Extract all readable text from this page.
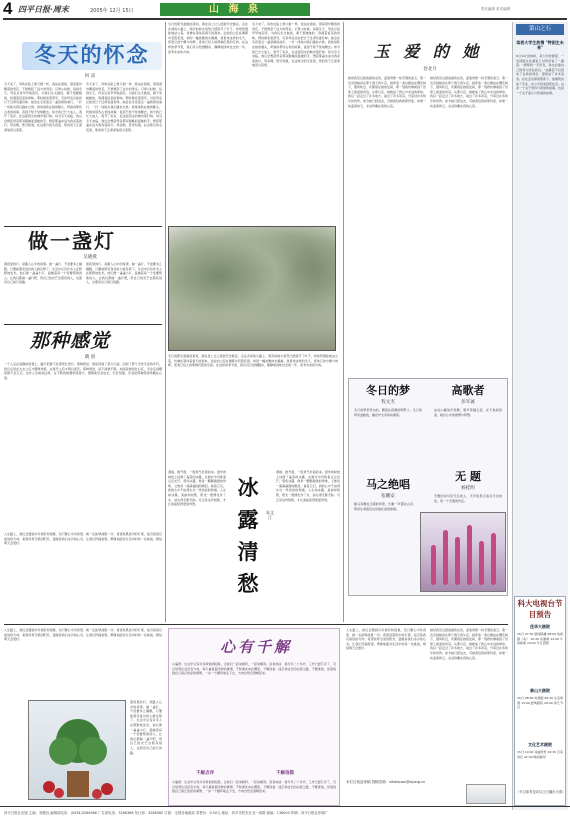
4 四平日报·周末	2005年 12月 15日	山 海 泉	责任编辑 美术编辑
冬天的怀念
何 凉
冬天来了，风吹在脸上像刀割一样，我站在窗前，望着窗外飘落的雪花，不禁想起了远方的母亲。记得小时候，每到冬天，母亲总是早早地起床，为我们生火做饭，屋子里暖暖的，弥漫着饭菜的香味。那时候家里很穷，可是母亲总能把日子过得有滋有味。她会在冬夜里点一盏昏黄的油灯，一针一线地为我们缝补衣裳。我常常趴在她的膝头，听她讲那些古老的故事，直到不知不觉地睡去。如今我已长大成人，离开了家乡，在这座陌生的城市里打拼。每当冬天来临，我总会想起母亲那双粗糙而温暖的手，想起那盏永远为我亮着的灯。母亲啊，您可知道，在这寒冷的冬夜里，您的孩子正深深地思念着您。
冬天来了，风吹在脸上像刀割一样，我站在窗前，望着窗外飘落的雪花，不禁想起了远方的母亲。记得小时候，每到冬天，母亲总是早早地起床，为我们生火做饭，屋子里暖暖的，弥漫着饭菜的香味。那时候家里很穷，可是母亲总能把日子过得有滋有味。她会在冬夜里点一盏昏黄的油灯，一针一线地为我们缝补衣裳。我常常趴在她的膝头，听她讲那些古老的故事，直到不知不觉地睡去。如今我已长大成人，离开了家乡，在这座陌生的城市里打拼。每当冬天来临，我总会想起母亲那双粗糙而温暖的手，想起那盏永远为我亮着的灯。母亲啊，您可知道，在这寒冷的冬夜里，您的孩子正深深地思念着您。
冬日的阳光温暖而柔和，洒在身上让人感到无比惬意。走在乡间的小路上，两旁的树木虽然已经落尽了叶子，却依然挺拔地站立着，仿佛在等待着春天的到来。远处的山峦在薄雾中若隐若现，如同一幅淡雅的水墨画。我喜欢这样的冬天，喜欢它的宁静与纯粹，喜欢它给人的那种沉思的空间。在这样的季节里，我们可以放慢脚步，静静地回味过去的一年，思考未来的方向。
冬天来了，风吹在脸上像刀割一样，我站在窗前，望着窗外飘落的雪花，不禁想起了远方的母亲。记得小时候，每到冬天，母亲总是早早地起床，为我们生火做饭，屋子里暖暖的，弥漫着饭菜的香味。那时候家里很穷，可是母亲总能把日子过得有滋有味。她会在冬夜里点一盏昏黄的油灯，一针一线地为我们缝补衣裳。我常常趴在她的膝头，听她讲那些古老的故事，直到不知不觉地睡去。如今我已长大成人，离开了家乡，在这座陌生的城市里打拼。每当冬天来临，我总会想起母亲那双粗糙而温暖的手，想起那盏永远为我亮着的灯。母亲啊，您可知道，在这寒冷的冬夜里，您的孩子正深深地思念着您。
做一盏灯
吴晓燕
黑夜里的灯，是路人心中的希望。做一盏灯，不需要多么耀眼，只要能照亮身边的人就足够了。生活中总有许多人在默默地发光，他们像一盏盏小灯，温暖着每一个需要帮助的人。让我们都做一盏灯吧，用自己的光芒去照亮别人，也照亮自己前行的路。
黑夜里的灯，是路人心中的希望。做一盏灯，不需要多么耀眼，只要能照亮身边的人就足够了。生活中总有许多人在默默地发光，他们像一盏盏小灯，温暖着每一个需要帮助的人。让我们都做一盏灯吧，用自己的光芒去照亮别人，也照亮自己前行的路。
那种感觉
晓 晨
一个人走在寂静的街道上，路灯把影子拉得很长很长。那种感觉，像是回到了很久以前，回到了那个无忧无虑的年代。我们总是在失去之后才懂得珍惜，在离开之后才明白留恋。那种感觉，说不清道不明，却深深地刻在心底，无论走到哪里都不会忘记。也许人生就是这样，在不断的相遇和别离中，慢慢地学会成长，学会坚强，学会把那种感觉珍藏在心里。
人生路上，我们会遇到许多挫折和困难，但只要心中有希望，就一定能够战胜一切。希望是黑夜中的灯塔，指引着我们前进的方向；希望是寒冬里的阳光，温暖着我们冰冷的心灵。让我们怀揣希望，勇敢地面对生活中的每一次挑战，相信明天会更好。
冬日的阳光温暖而柔和，洒在身上让人感到无比惬意。走在乡间的小路上，两旁的树木虽然已经落尽了叶子，却依然挺拔地站立着，仿佛在等待着春天的到来。远处的山峦在薄雾中若隐若现，如同一幅淡雅的水墨画。我喜欢这样的冬天，喜欢它的宁静与纯粹，喜欢它给人的那种沉思的空间。在这样的季节里，我们可以放慢脚步，静静地回味过去的一年，思考未来的方向。
清晨，推开窗，一股寒气扑面而来。窗外的树枝上挂满了晶莹的冰露，在晨光中闪烁着点点光芒。那些冰露，像是一颗颗剔透的珍珠，又像是一滴滴凝固的眼泪。看着它们，我的心中不由得生出一丝淡淡的愁绪。人生如冰露，美丽却短暂，阳光一照便化作了水，消失得无影无踪。可正是这份短暂，才让美丽显得更加珍贵。
冰露清愁
朱文江
清晨，推开窗，一股寒气扑面而来。窗外的树枝上挂满了晶莹的冰露，在晨光中闪烁着点点光芒。那些冰露，像是一颗颗剔透的珍珠，又像是一滴滴凝固的眼泪。看着它们，我的心中不由得生出一丝淡淡的愁绪。人生如冰露，美丽却短暂，阳光一照便化作了水，消失得无影无踪。可正是这份短暂，才让美丽显得更加珍贵。
玉 爱 的 她
卷北月
她是我见过最美丽的女孩，温柔得像一块无瑕的美玉。第一次见到她是在那个春天的午后，她穿着一袭白裙站在樱花树下，微风吹过，花瓣落在她的发间，那一刻我仿佛看到了世界上最美的风景。从那以后，她就成了我心中永远的牵挂。我们一起走过了许多地方，看过了许多风景，分享过许多快乐和忧伤。如今她已经远去，可她留给我的那份爱，却像一块温润的玉，永远珍藏在我的心底。
她是我见过最美丽的女孩，温柔得像一块无瑕的美玉。第一次见到她是在那个春天的午后，她穿着一袭白裙站在樱花树下，微风吹过，花瓣落在她的发间，那一刻我仿佛看到了世界上最美的风景。从那以后，她就成了我心中永远的牵挂。我们一起走过了许多地方，看过了许多风景，分享过许多快乐和忧伤。如今她已经远去，可她留给我的那份爱，却像一块温润的玉，永远珍藏在我的心底。
冬日的梦
程文杰
冬日的梦是雪白的，飘落在寂静的原野上；冬日的梦是温暖的，藏在炉火旁的故事里。
高歌者
彭军诚
站在山巅放声高歌，歌声穿越云层，在天地间回荡，唱出心中的豪情与梦想。
马之绝唱
张鹏安
骏马奔腾在辽阔的草原，长嘶一声震动山河，那是生命最后也是最壮美的绝唱。
无 题
杨桂明
无题的诗写给无名的人，无声的思念落在无边的夜，等一个无期的约定。
人生路上，我们会遇到许多挫折和困难，但只要心中有希望，就一定能够战胜一切。希望是黑夜中的灯塔，指引着我们前进的方向；希望是寒冬里的阳光，温暖着我们冰冷的心灵。让我们怀揣希望，勇敢地面对生活中的每一次挑战，相信明天会更好。
黑夜里的灯，是路人心中的希望。做一盏灯，不需要多么耀眼，只要能照亮身边的人就足够了。生活中总有许多人在默默地发光，他们像一盏盏小灯，温暖着每一个需要帮助的人。让我们都做一盏灯吧，用自己的光芒去照亮别人，也照亮自己前行的路。
心有千解
小编语：生活中总有许多烦恼和困惑，让我们一起来倾听，一起来解答。读者来信：我今年二十多岁，工作已经几年了，可总觉得生活没有方向，每天重复着同样的事情，不知道未来在哪里。千解回复：迷茫是成长的必经之路，不要害怕，试着找到自己真正热爱的事情，一步一个脚印地走下去，方向自然会清晰起来。
千解点评	千解信箱
小编语：生活中总有许多烦恼和困惑，让我们一起来倾听，一起来解答。读者来信：我今年二十多岁，工作已经几年了，可总觉得生活没有方向，每天重复着同样的事情，不知道未来在哪里。千解回复：迷茫是成长的必经之路，不要害怕，试着找到自己真正热爱的事情，一步一个脚印地走下去，方向自然会清晰起来。
人生路上，我们会遇到许多挫折和困难，但只要心中有希望，就一定能够战胜一切。希望是黑夜中的灯塔，指引着我们前进的方向；希望是寒冬里的阳光，温暖着我们冰冷的心灵。让我们怀揣希望，勇敢地面对生活中的每一次挑战，相信明天会更好。
她是我见过最美丽的女孩，温柔得像一块无瑕的美玉。第一次见到她是在那个春天的午后，她穿着一袭白裙站在樱花树下，微风吹过，花瓣落在她的发间，那一刻我仿佛看到了世界上最美的风景。从那以后，她就成了我心中永远的牵挂。我们一起走过了许多地方，看过了许多风景，分享过许多快乐和忧伤。如今她已经远去，可她留给我的那份爱，却像一块温润的玉，永远珍藏在我的心底。
本栏目欢迎来稿 投稿信箱：sihaiquan@siping.cn
第山之石
读者大学生热情 "特困生未来"
6月14日夜8时，某大学校园里，一名特困生在课堂上对同学说了一番话："即使我一无所有，我也会靠自己的努力改变命运。"这番话不仅感动了在场的同学，更感动了许多读者。在社会各界的帮助下，他顺利完成了学业，并立志将来回报社会。这是一个关于坚持与希望的故事，也是一个关于爱心与传递的故事。
科大电视台节目预告
佳华大剧院
15日 07:30 新闻联播 08:00 电视剧《家》 10:30 动画城 12:00 午间新闻 19:00 今日话题
泰山大剧院
15日 08:00 电视剧 09:30 生活频道 13:00 经典影院 20:00 综艺节目
文化艺术剧院
15日 10:00 戏曲欣赏 14:30 百家讲坛 21:00 晚间新闻
（节目如有变动以当日播出为准）
四平日报社出版 主编：刘德良 编辑部电话：(0434)3266366 广告部电话：3266368 发行部：3266382 订阅：全国各地邮局 零售价：0.50元 地址：四平市铁东区北一纬路 邮编：136000 印刷：四平日报社印刷厂
